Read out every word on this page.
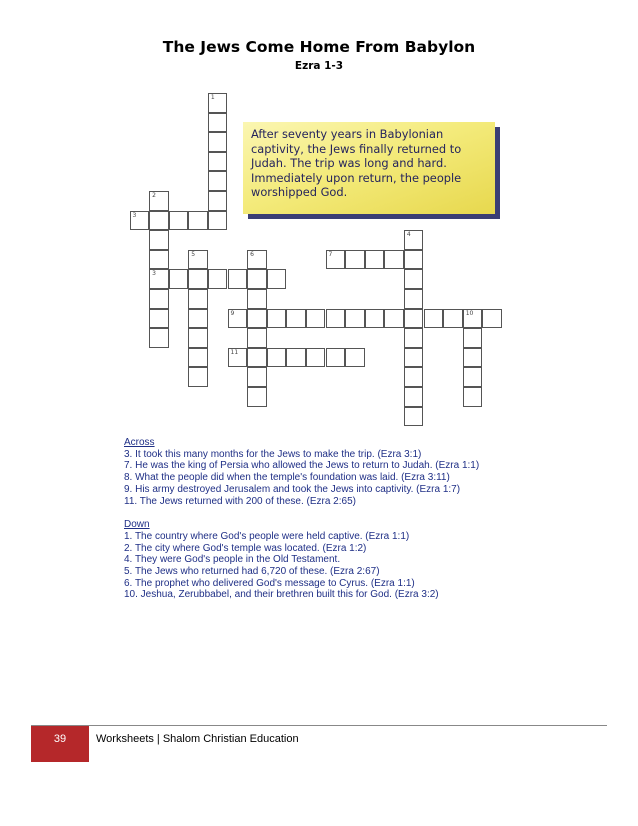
The Jews Come Home From Babylon
Ezra 1-3
1
2
3
3
4
5	6	7
9	10
11
After seventy years in Babylonian captivity, the Jews finally returned to Judah. The trip was long and hard. Immediately upon return, the people worshipped God.
Across
3. It took this many months for the Jews to make the trip. (Ezra 3:1)
7. He was the king of Persia who allowed the Jews to return to Judah. (Ezra 1:1)
8. What the people did when the temple's foundation was laid. (Ezra 3:11)
9. His army destroyed Jerusalem and took the Jews into captivity. (Ezra 1:7)
11. The Jews returned with 200 of these. (Ezra 2:65)
Down
1. The country where God's people were held captive. (Ezra 1:1)
2. The city where God's temple was located. (Ezra 1:2)
4. They were God's people in the Old Testament.
5. The Jews who returned had 6,720 of these. (Ezra 2:67)
6. The prophet who delivered God's message to Cyrus. (Ezra 1:1)
10. Jeshua, Zerubbabel, and their brethren built this for God. (Ezra 3:2)
39	Worksheets | Shalom Christian Education
